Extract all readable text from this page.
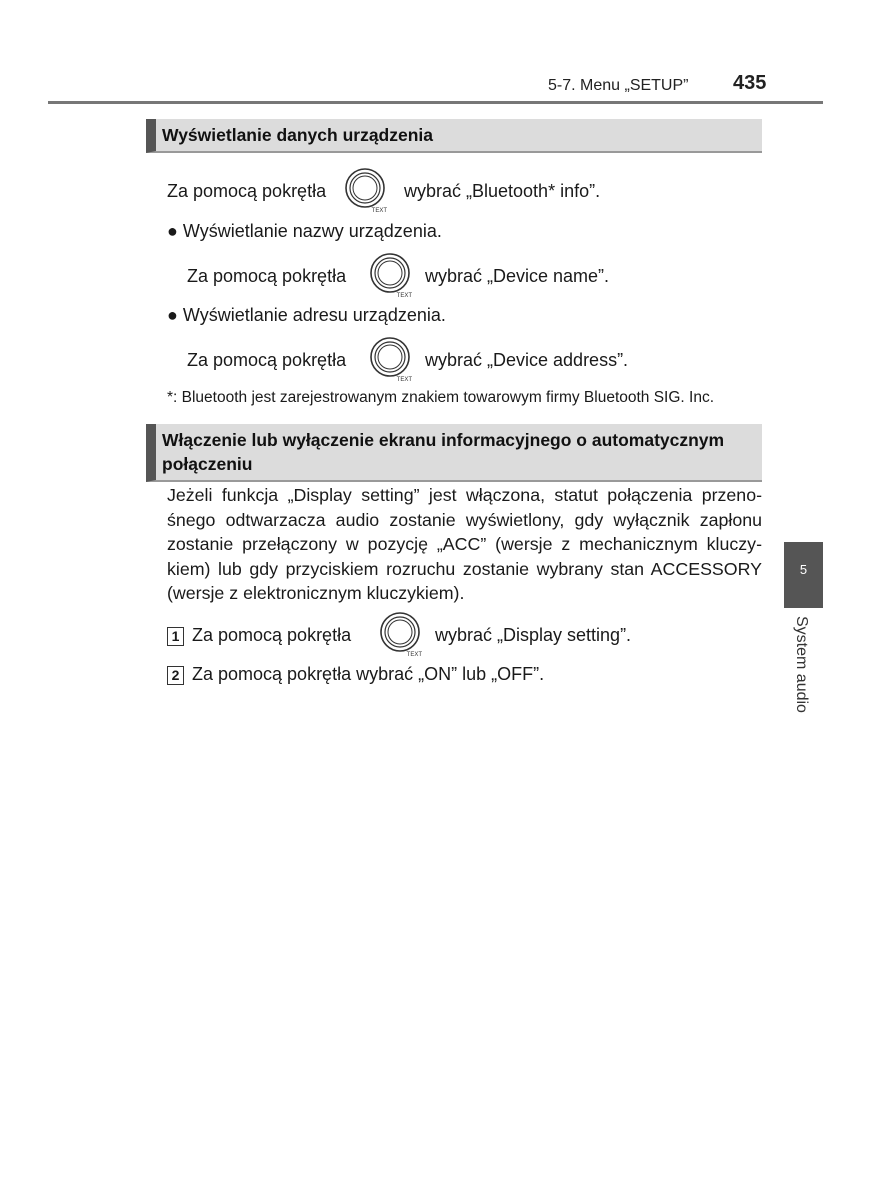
5-7. Menu „SETUP” 435
Wyświetlanie danych urządzenia
Za pomocą pokrętła
TEXT
wybrać „Bluetooth* info”.
● Wyświetlanie nazwy urządzenia.
Za pomocą pokrętła
TEXT
wybrać „Device name”.
● Wyświetlanie adresu urządzenia.
Za pomocą pokrętła
TEXT
wybrać „Device address”.
*: Bluetooth jest zarejestrowanym znakiem towarowym firmy Bluetooth SIG. Inc.
Włączenie lub wyłączenie ekranu informacyjnego o automatycznym
połączeniu
Jeżeli funkcja „Display setting” jest włączona, statut połączenia przenośnego odtwarzacza audio zostanie wyświetlony, gdy wyłącznik zapłonu zostanie przełączony w pozycję „ACC” (wersje z mechanicznym kluczykiem) lub gdy przyciskiem rozruchu zostanie wybrany stan ACCESSORY (wersje z elektronicznym kluczykiem).
1 Za pomocą pokrętła
TEXT
wybrać „Display setting”.
2 Za pomocą pokrętła wybrać „ON” lub „OFF”.
5
System audio
